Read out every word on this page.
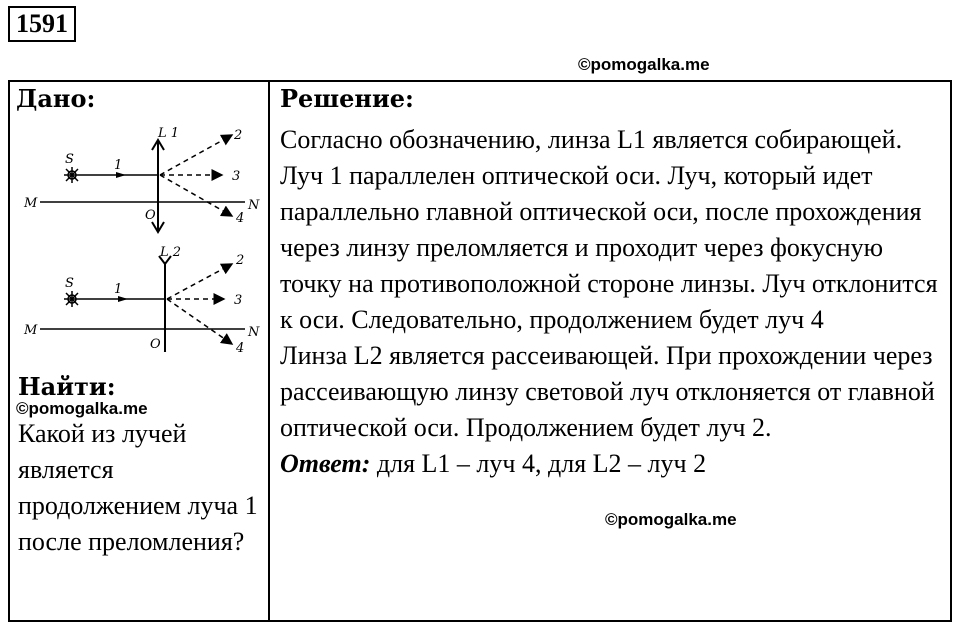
1591
©pomogalka.me
Дано:
L 1
S	1
2
3
4
M	N
O
L 2
S	1
2
3
4
M	N
O
Найти:
Какой из лучей является продолжением луча 1 после преломления?

Решение:

Согласно обозначению, линза L1 является собирающей.

Луч 1 параллелен оптической оси. Луч, который идет параллельно главной оптической оси, после прохождения через линзу преломляется и проходит через фокусную точку на противоположной стороне линзы. Луч отклонится к оси. Следовательно, продолжением будет луч 4

Линза L2 является рассеивающей. При прохождении через рассеивающую линзу световой луч отклоняется от главной оптической оси. Продолжением будет луч 2.

Ответ: для L1 – луч 4, для L2 – луч 2

©pomogalka.me
©pomogalka.me
